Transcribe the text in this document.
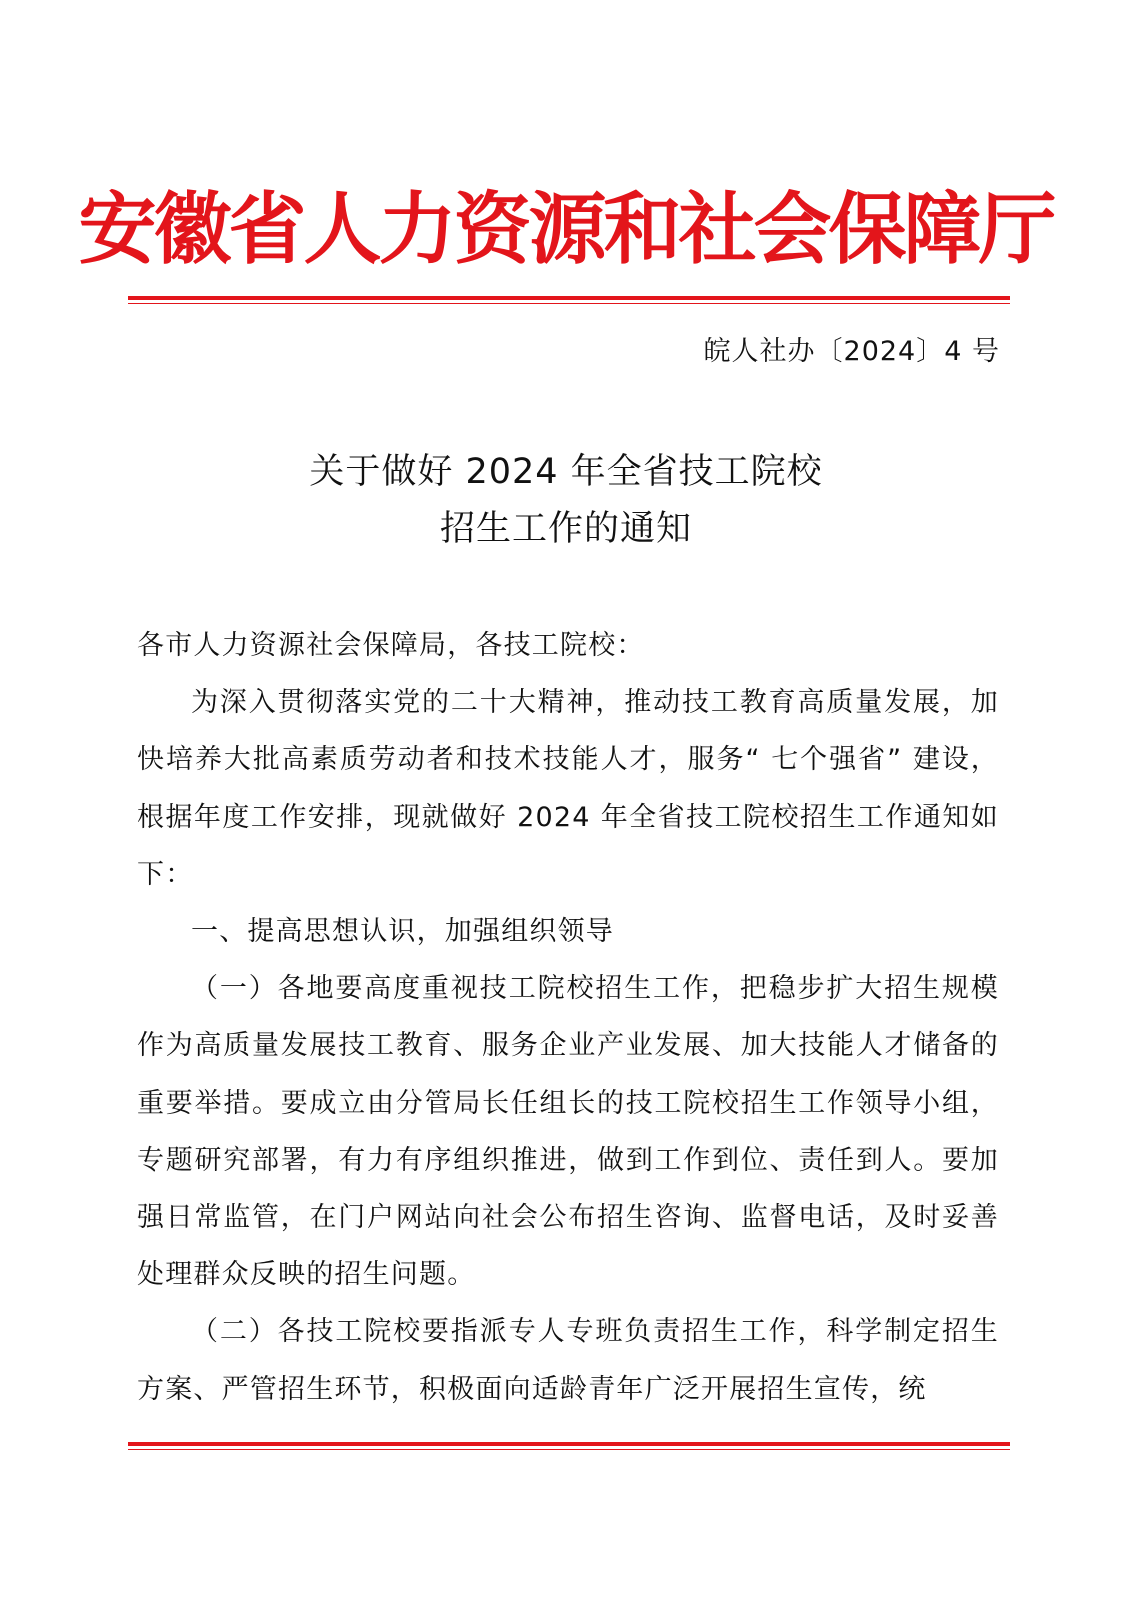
安徽省人力资源和社会保障厅
皖人社办〔2024〕4 号
关于做好 2024 年全省技工院校
招生工作的通知

各市人力资源社会保障局，各技工院校：

为深入贯彻落实党的二十大精神，推动技工教育高质量发展，加快培养大批高素质劳动者和技术技能人才，服务“ 七个强省” 建设，根据年度工作安排，现就做好 2024 年全省技工院校招生工作通知如下：

一、提高思想认识，加强组织领导

（一）各地要高度重视技工院校招生工作，把稳步扩大招生规模作为高质量发展技工教育、服务企业产业发展、加大技能人才储备的重要举措。要成立由分管局长任组长的技工院校招生工作领导小组，专题研究部署，有力有序组织推进，做到工作到位、责任到人。要加强日常监管，在门户网站向社会公布招生咨询、监督电话，及时妥善处理群众反映的招生问题。

（二）各技工院校要指派专人专班负责招生工作，科学制定招生方案、严管招生环节，积极面向适龄青年广泛开展招生宣传，统
